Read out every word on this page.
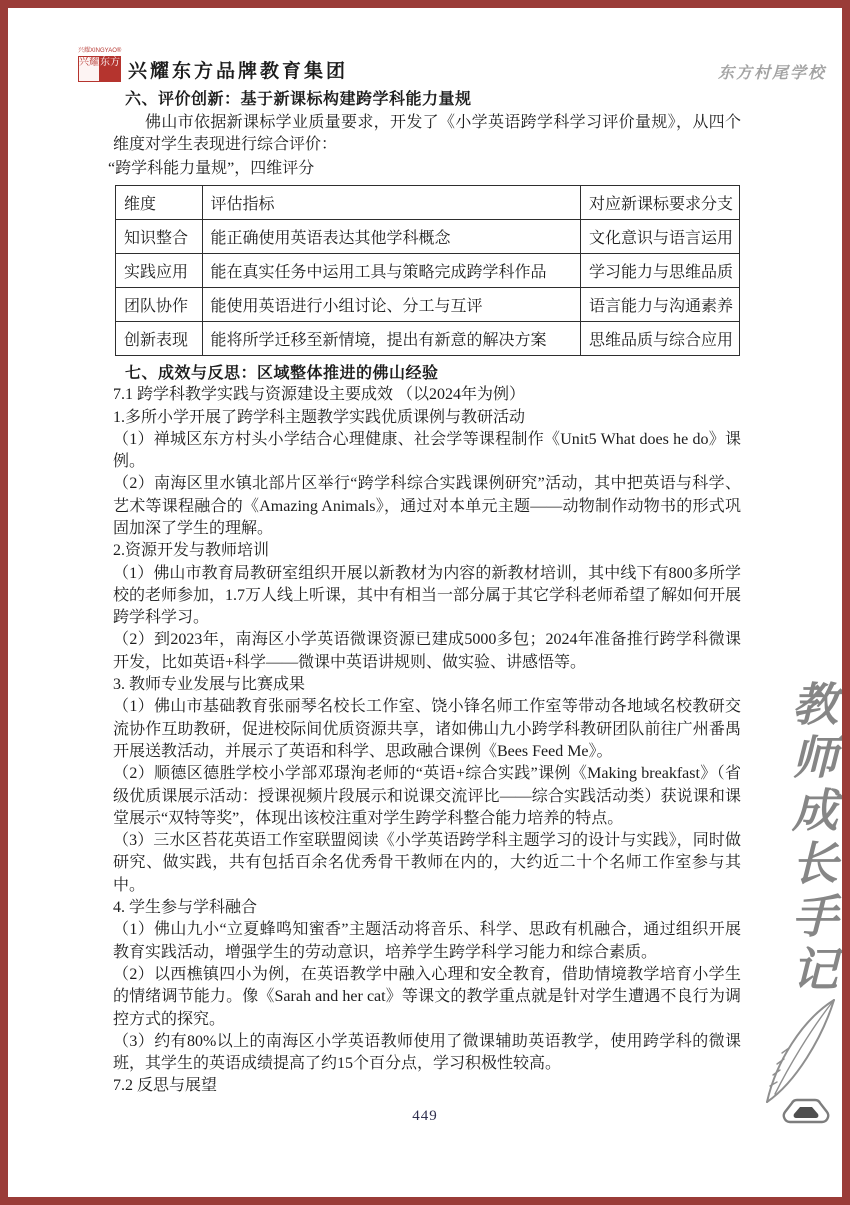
兴耀XINGYAO®
兴耀 东方 兴耀东方品牌教育集团	东方村尾学校
六、评价创新：基于新课标构建跨学科能力量规

佛山市依据新课标学业质量要求，开发了《小学英语跨学科学习评价量规》，从四个维度对学生表现进行综合评价：

“跨学科能力量规”，四维评分

维度	评估指标	对应新课标要求分支
知识整合	能正确使用英语表达其他学科概念	文化意识与语言运用
实践应用	能在真实任务中运用工具与策略完成跨学科作品	学习能力与思维品质
团队协作	能使用英语进行小组讨论、分工与互评	语言能力与沟通素养
创新表现	能将所学迁移至新情境，提出有新意的解决方案	思维品质与综合应用
七、成效与反思：区域整体推进的佛山经验

7.1 跨学科教学实践与资源建设主要成效 （以2024年为例）

1.多所小学开展了跨学科主题教学实践优质课例与教研活动

（1）禅城区东方村头小学结合心理健康、社会学等课程制作《Unit5 What does he do》课例。

（2）南海区里水镇北部片区举行“跨学科综合实践课例研究”活动，其中把英语与科学、艺术等课程融合的《Amazing Animals》，通过对本单元主题——动物制作动物书的形式巩固加深了学生的理解。

2.资源开发与教师培训

（1）佛山市教育局教研室组织开展以新教材为内容的新教材培训，其中线下有800多所学校的老师参加，1.7万人线上听课，其中有相当一部分属于其它学科老师希望了解如何开展跨学科学习。

（2）到2023年，南海区小学英语微课资源已建成5000多包；2024年准备推行跨学科微课开发，比如英语+科学——微课中英语讲规则、做实验、讲感悟等。

3. 教师专业发展与比赛成果

（1）佛山市基础教育张丽琴名校长工作室、饶小锋名师工作室等带动各地域名校教研交流协作互助教研，促进校际间优质资源共享，诸如佛山九小跨学科教研团队前往广州番禺开展送教活动，并展示了英语和科学、思政融合课例《Bees Feed Me》。

（2）顺德区德胜学校小学部邓璟洵老师的“英语+综合实践”课例《Making breakfast》（省级优质课展示活动：授课视频片段展示和说课交流评比——综合实践活动类）获说课和课堂展示“双特等奖”，体现出该校注重对学生跨学科整合能力培养的特点。

（3）三水区苔花英语工作室联盟阅读《小学英语跨学科主题学习的设计与实践》，同时做研究、做实践，共有包括百余名优秀骨干教师在内的，大约近二十个名师工作室参与其中。

4. 学生参与学科融合

（1）佛山九小“立夏蜂鸣知蜜香”主题活动将音乐、科学、思政有机融合，通过组织开展教育实践活动，增强学生的劳动意识，培养学生跨学科学习能力和综合素质。

（2）以西樵镇四小为例，在英语教学中融入心理和安全教育，借助情境教学培育小学生的情绪调节能力。像《Sarah and her cat》等课文的教学重点就是针对学生遭遇不良行为调控方式的探究。

（3）约有80%以上的南海区小学英语教师使用了微课辅助英语教学，使用跨学科的微课班，其学生的英语成绩提高了约15个百分点，学习积极性较高。

7.2 反思与展望

教师成长手记
449
